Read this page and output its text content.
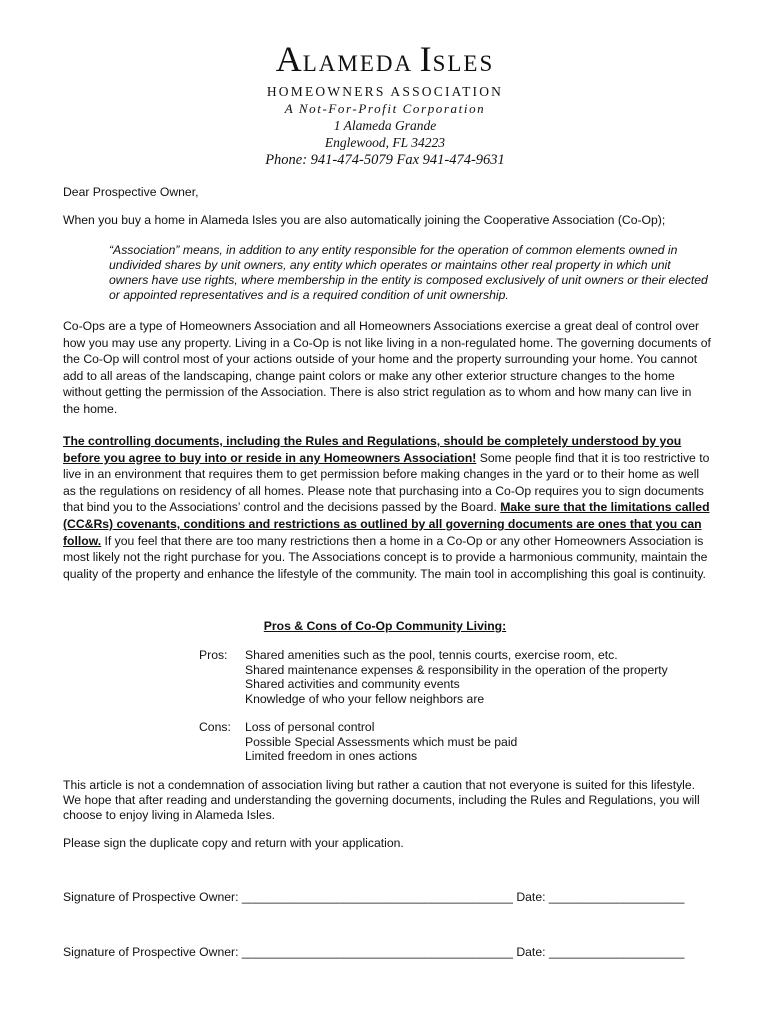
ALAMEDA ISLES
HOMEOWNERS ASSOCIATION
A Not-For-Profit Corporation
1 Alameda Grande
Englewood, FL 34223
Phone: 941-474-5079 Fax 941-474-9631
Dear Prospective Owner,
When you buy a home in Alameda Isles you are also automatically joining the Cooperative Association (Co-Op);
“Association” means, in addition to any entity responsible for the operation of common elements owned in undivided shares by unit owners, any entity which operates or maintains other real property in which unit owners have use rights, where membership in the entity is composed exclusively of unit owners or their elected or appointed representatives and is a required condition of unit ownership.
Co-Ops are a type of Homeowners Association and all Homeowners Associations exercise a great deal of control over how you may use any property. Living in a Co-Op is not like living in a non-regulated home. The governing documents of the Co-Op will control most of your actions outside of your home and the property surrounding your home. You cannot add to all areas of the landscaping, change paint colors or make any other exterior structure changes to the home without getting the permission of the Association. There is also strict regulation as to whom and how many can live in the home.
The controlling documents, including the Rules and Regulations, should be completely understood by you before you agree to buy into or reside in any Homeowners Association! Some people find that it is too restrictive to live in an environment that requires them to get permission before making changes in the yard or to their home as well as the regulations on residency of all homes. Please note that purchasing into a Co-Op requires you to sign documents that bind you to the Associations’ control and the decisions passed by the Board. Make sure that the limitations called (CC&Rs) covenants, conditions and restrictions as outlined by all governing documents are ones that you can follow. If you feel that there are too many restrictions then a home in a Co-Op or any other Homeowners Association is most likely not the right purchase for you. The Associations concept is to provide a harmonious community, maintain the quality of the property and enhance the lifestyle of the community. The main tool in accomplishing this goal is continuity.
Pros & Cons of Co-Op Community Living:
Pros: Shared amenities such as the pool, tennis courts, exercise room, etc.
Shared maintenance expenses & responsibility in the operation of the property
Shared activities and community events
Knowledge of who your fellow neighbors are
Cons: Loss of personal control
Possible Special Assessments which must be paid
Limited freedom in ones actions
This article is not a condemnation of association living but rather a caution that not everyone is suited for this lifestyle. We hope that after reading and understanding the governing documents, including the Rules and Regulations, you will choose to enjoy living in Alameda Isles.
Please sign the duplicate copy and return with your application.
Signature of Prospective Owner: ________________________________________ Date: ____________________
Signature of Prospective Owner: ________________________________________ Date: ____________________
